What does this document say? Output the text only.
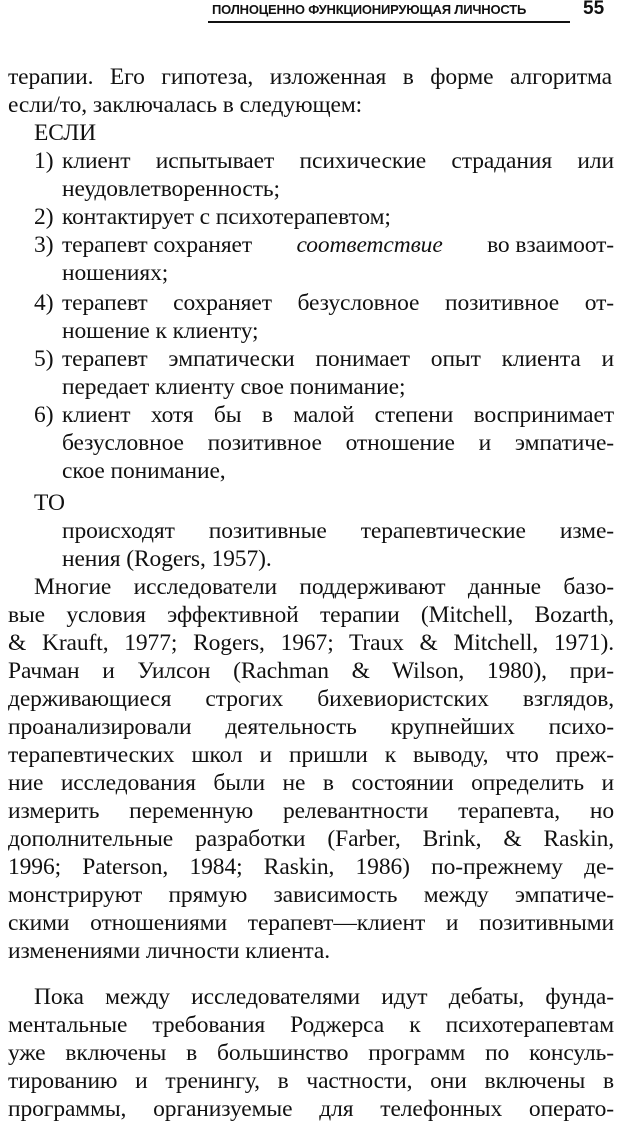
ПОЛНОЦЕННО ФУНКЦИОНИРУЮЩАЯ ЛИЧНОСТЬ	55
терапии. Его гипотеза, изложенная в форме алгоритма
если/то, заключалась в следующем:
ЕСЛИ
1) клиент испытывает психические страдания или
неудовлетворенность;
2) контактирует с психотерапевтом;
3) терапевт сохраняет соответствие во взаимоот-
ношениях;
4) терапевт сохраняет безусловное позитивное от-
ношение к клиенту;
5) терапевт эмпатически понимает опыт клиента и
передает клиенту свое понимание;
6) клиент хотя бы в малой степени воспринимает
безусловное позитивное отношение и эмпатиче-
ское понимание,
ТО
происходят позитивные терапевтические изме-
нения (Rogers, 1957).
Многие исследователи поддерживают данные базо-
вые условия эффективной терапии (Mitchell, Bozarth,
& Krauft, 1977; Rogers, 1967; Traux & Mitchell, 1971).
Рачман и Уилсон (Rachman & Wilson, 1980), при-
держивающиеся строгих бихевиористских взглядов,
проанализировали деятельность крупнейших психо-
терапевтических школ и пришли к выводу, что преж-
ние исследования были не в состоянии определить и
измерить переменную релевантности терапевта, но
дополнительные разработки (Farber, Brink, & Raskin,
1996; Paterson, 1984; Raskin, 1986) по-прежнему де-
монстрируют прямую зависимость между эмпатиче-
скими отношениями терапевт—клиент и позитивными
изменениями личности клиента.
Пока между исследователями идут дебаты, фунда-
ментальные требования Роджерса к психотерапевтам
уже включены в большинство программ по консуль-
тированию и тренингу, в частности, они включены в
программы, организуемые для телефонных операто-
